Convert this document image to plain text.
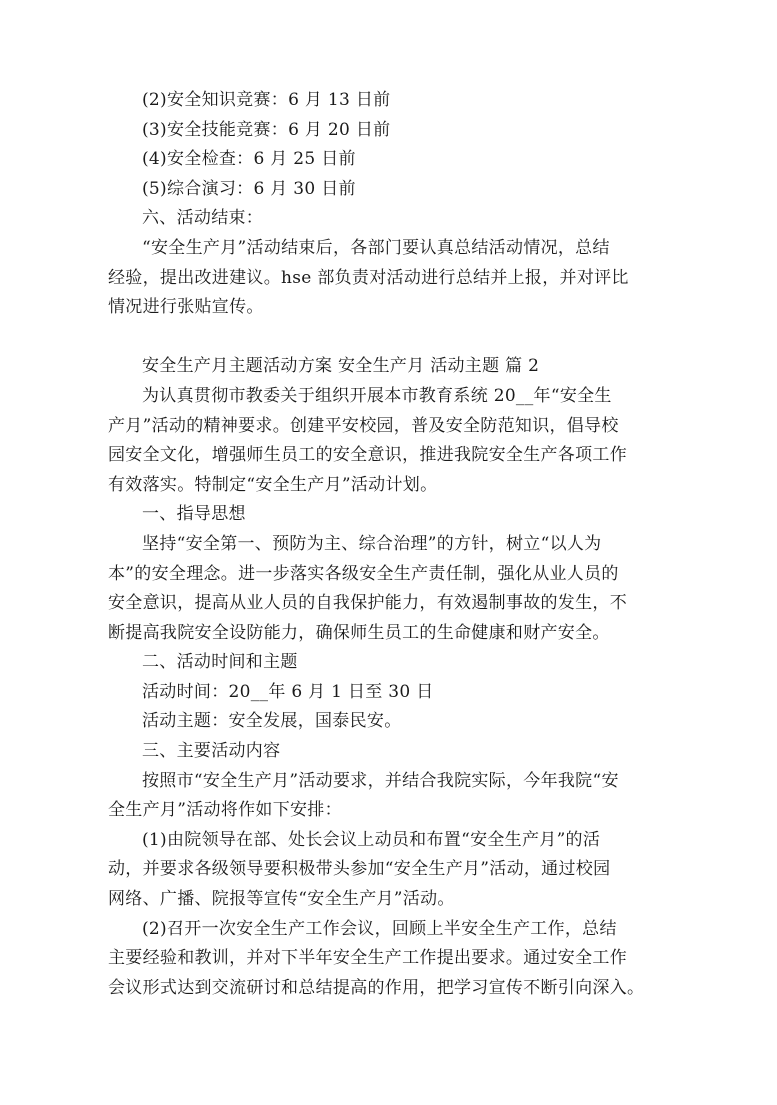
(2)安全知识竞赛：6 月 13 日前
(3)安全技能竞赛：6 月 20 日前
(4)安全检查：6 月 25 日前
(5)综合演习：6 月 30 日前
六、活动结束：
“安全生产月”活动结束后，各部门要认真总结活动情况，总结
经验，提出改进建议。hse 部负责对活动进行总结并上报，并对评比
情况进行张贴宣传。
安全生产月主题活动方案 安全生产月 活动主题 篇 2
为认真贯彻市教委关于组织开展本市教育系统 20__年“安全生
产月”活动的精神要求。创建平安校园，普及安全防范知识，倡导校
园安全文化，增强师生员工的安全意识，推进我院安全生产各项工作
有效落实。特制定“安全生产月”活动计划。
一、指导思想
坚持“安全第一、预防为主、综合治理”的方针，树立“以人为
本”的安全理念。进一步落实各级安全生产责任制，强化从业人员的
安全意识，提高从业人员的自我保护能力，有效遏制事故的发生，不
断提高我院安全设防能力，确保师生员工的生命健康和财产安全。
二、活动时间和主题
活动时间：20__年 6 月 1 日至 30 日
活动主题：安全发展，国泰民安。
三、主要活动内容
按照市“安全生产月”活动要求，并结合我院实际，今年我院“安
全生产月”活动将作如下安排：
(1)由院领导在部、处长会议上动员和布置“安全生产月”的活
动，并要求各级领导要积极带头参加“安全生产月”活动，通过校园
网络、广播、院报等宣传“安全生产月”活动。
(2)召开一次安全生产工作会议，回顾上半安全生产工作，总结
主要经验和教训，并对下半年安全生产工作提出要求。通过安全工作
会议形式达到交流研讨和总结提高的作用，把学习宣传不断引向深入。
